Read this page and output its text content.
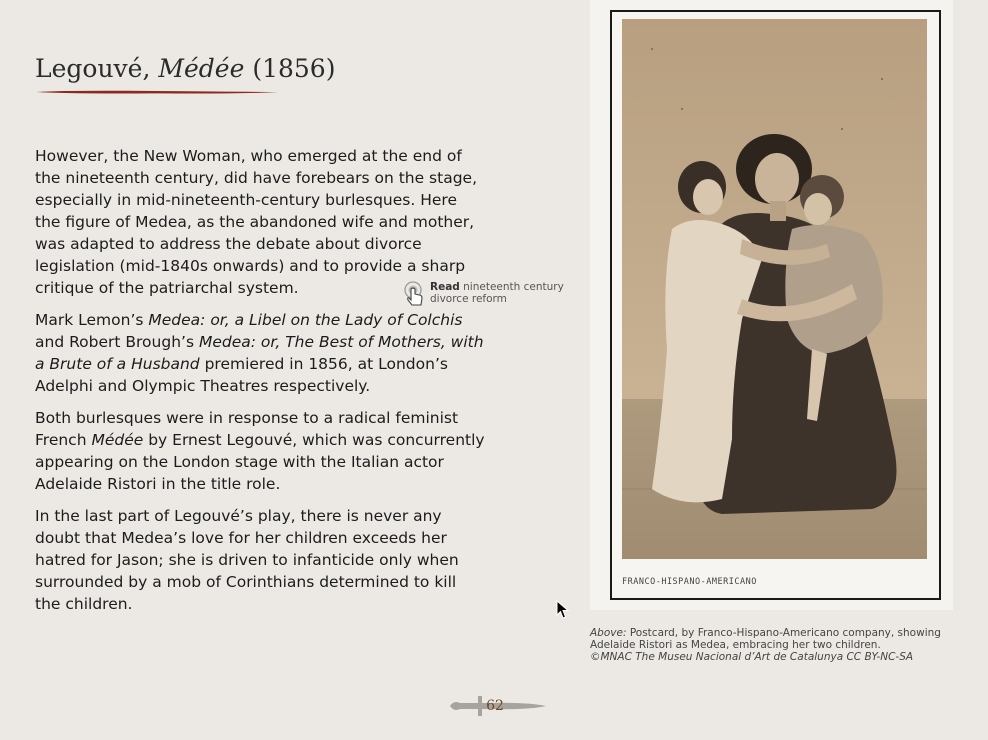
Legouvé, Médée (1856)

However, the New Woman, who emerged at the end of the nineteenth century, did have forebears on the stage, especially in mid-nineteenth-century burlesques. Here the figure of Medea, as the abandoned wife and mother, was adapted to address the debate about divorce legislation (mid-1840s onwards) and to provide a sharp critique of the patriarchal system.

Mark Lemon’s Medea: or, a Libel on the Lady of Colchis and Robert Brough’s Medea: or, The Best of Mothers, with a Brute of a Husband premiered in 1856, at London’s Adelphi and Olympic Theatres respectively.

Both burlesques were in response to a radical feminist French Médée by Ernest Legouvé, which was concurrently appearing on the London stage with the Italian actor Adelaide Ristori in the title role.

In the last part of Legouvé’s play, there is never any doubt that Medea’s love for her children exceeds her hatred for Jason; she is driven to infanticide only when surrounded by a mob of Corinthians determined to kill the children.

Read nineteenth century
divorce reform
FRANCO-HISPANO-AMERICANO
Above: Postcard, by Franco-Hispano-Americano company, showing Adelaide Ristori as Medea, embracing her two children.
©MNAC The Museu Nacional d’Art de Catalunya CC BY-NC-SA
62
